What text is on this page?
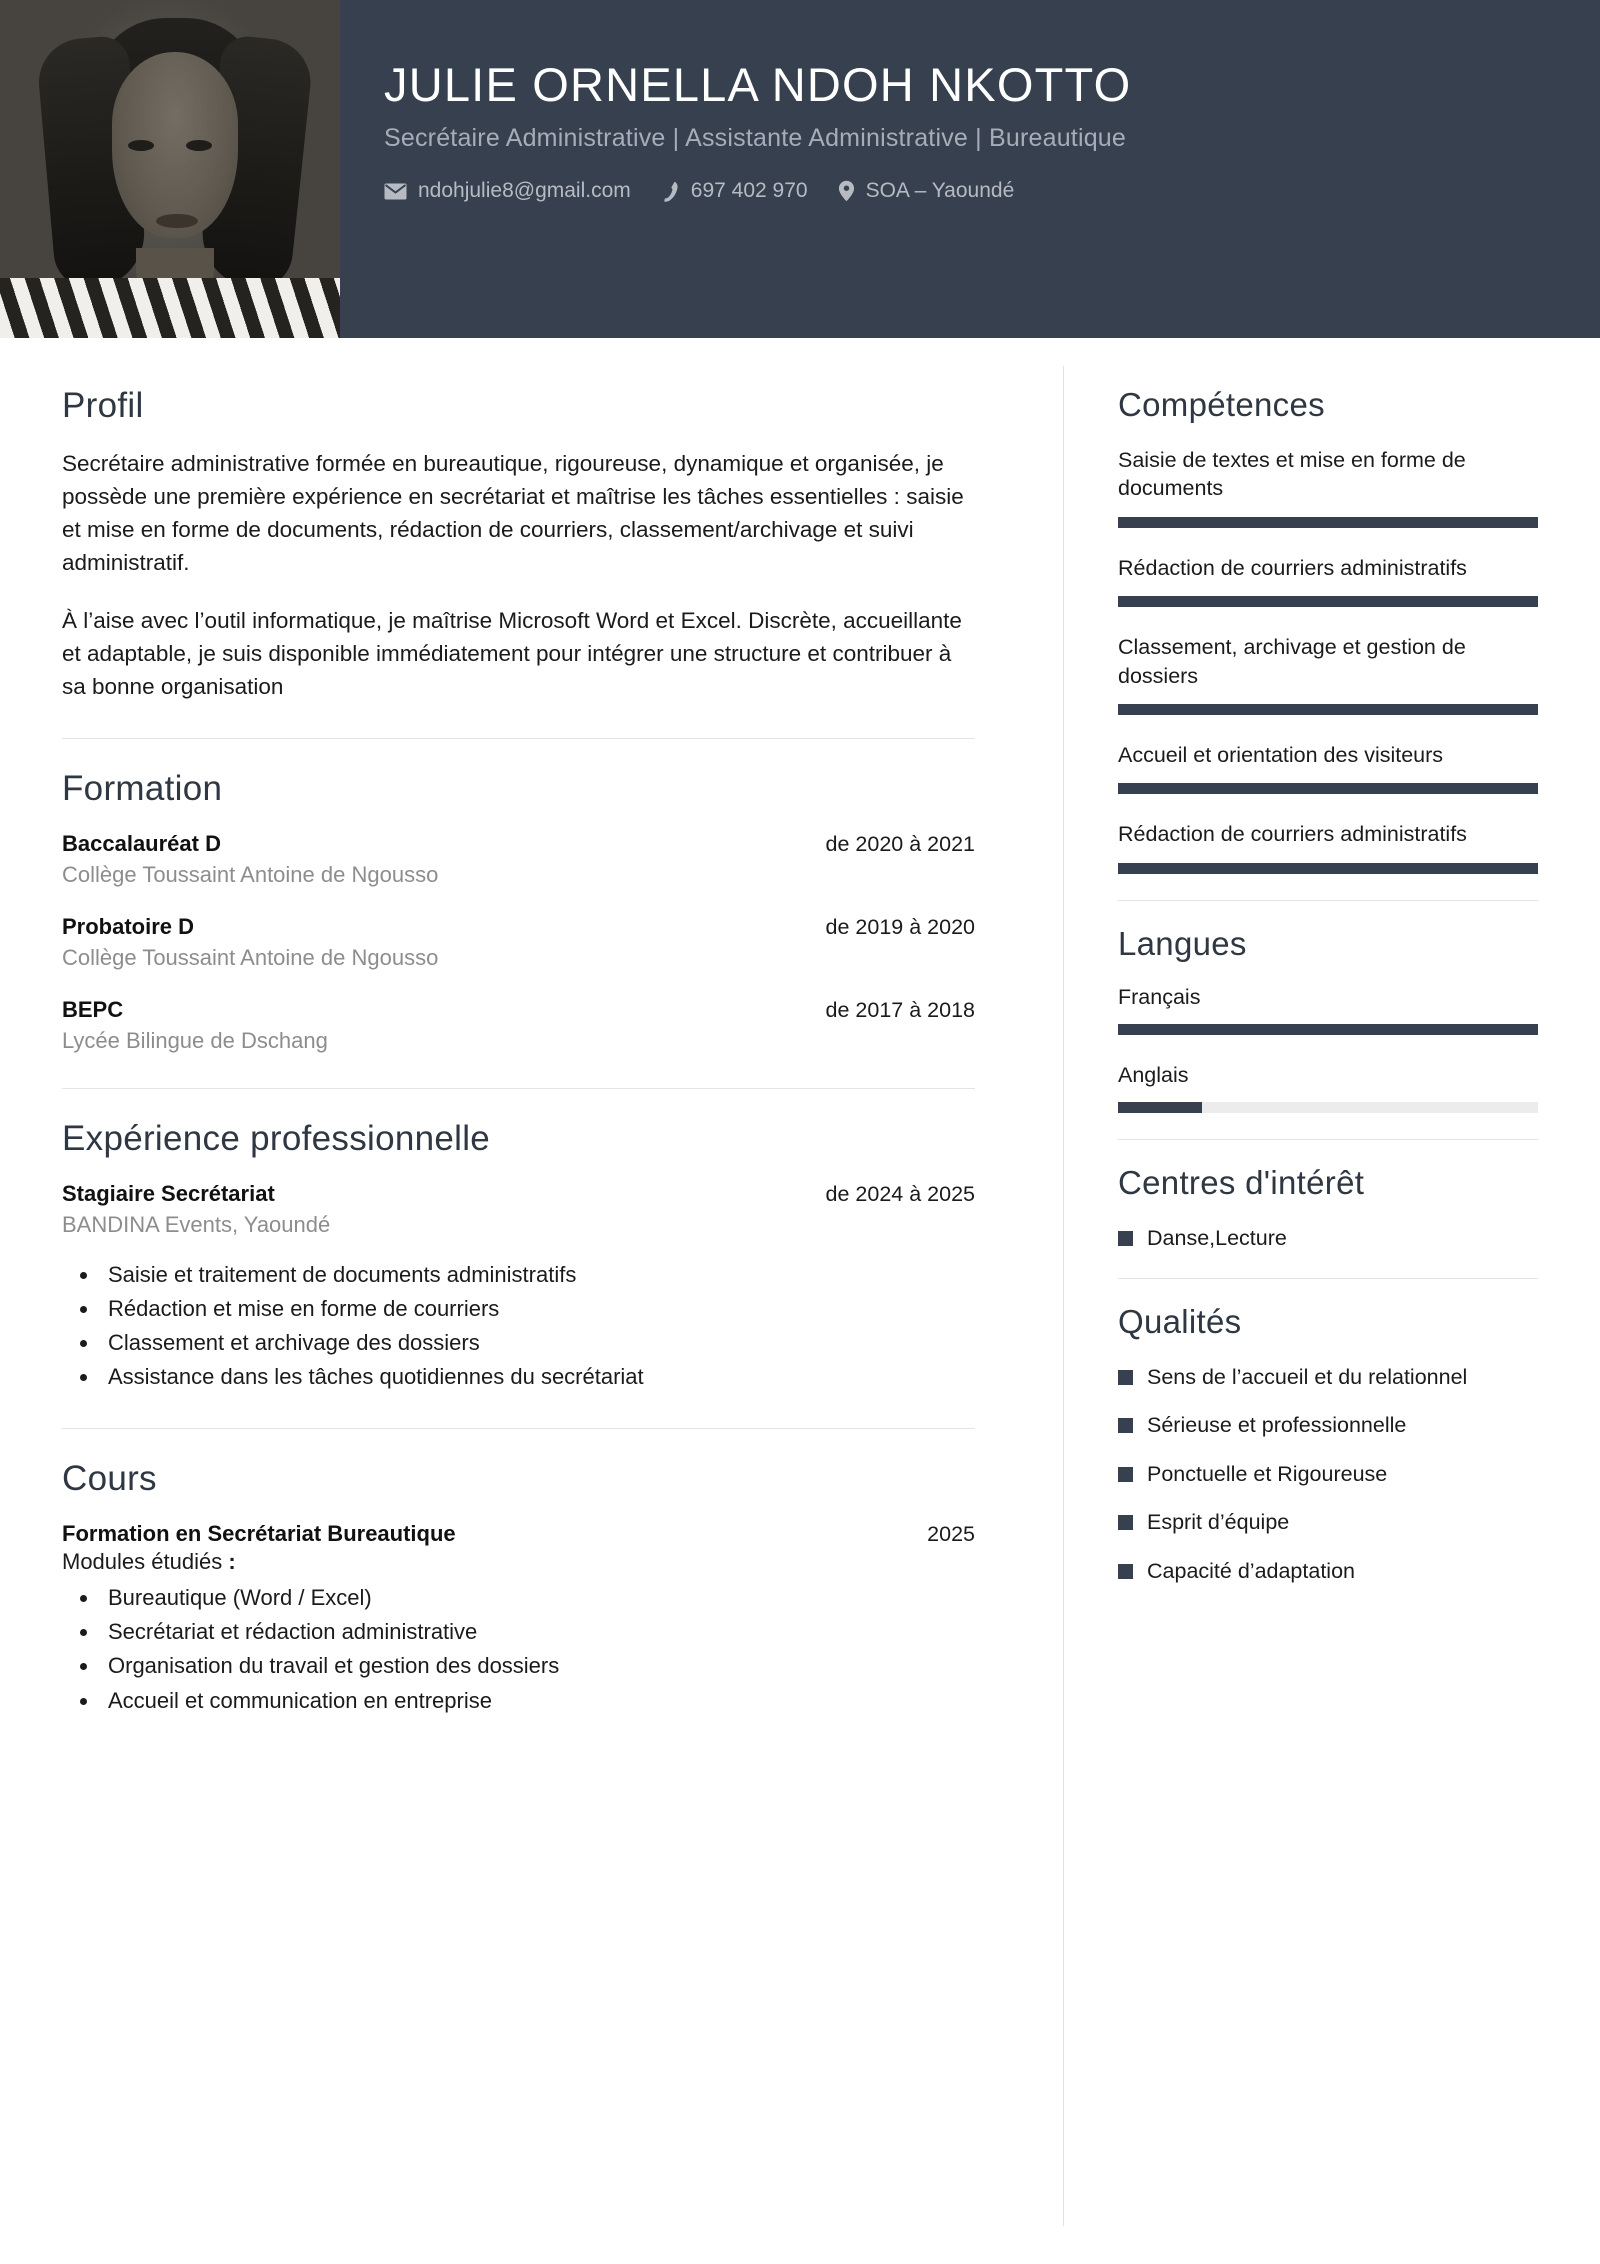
JULIE ORNELLA NDOH NKOTTO
Secrétaire Administrative | Assistante Administrative | Bureautique
ndohjulie8@gmail.com	697 402 970	SOA – Yaoundé
Profil

Secrétaire administrative formée en bureautique, rigoureuse, dynamique et organisée, je possède une première expérience en secrétariat et maîtrise les tâches essentielles : saisie et mise en forme de documents, rédaction de courriers, classement/archivage et suivi administratif.

À l’aise avec l’outil informatique, je maîtrise Microsoft Word et Excel. Discrète, accueillante et adaptable, je suis disponible immédiatement pour intégrer une structure et contribuer à sa bonne organisation

Formation
Baccalauréat D	de 2020 à 2021
Collège Toussaint Antoine de Ngousso
Probatoire D	de 2019 à 2020
Collège Toussaint Antoine de Ngousso
BEPC	de 2017 à 2018
Lycée Bilingue de Dschang
Expérience professionnelle
Stagiaire Secrétariat	de 2024 à 2025
BANDINA Events, Yaoundé
• Saisie et traitement de documents administratifs
• Rédaction et mise en forme de courriers
• Classement et archivage des dossiers
• Assistance dans les tâches quotidiennes du secrétariat
Cours
Formation en Secrétariat Bureautique	2025
Modules étudiés :
• Bureautique (Word / Excel)
• Secrétariat et rédaction administrative
• Organisation du travail et gestion des dossiers
• Accueil et communication en entreprise
Compétences
Saisie de textes et mise en forme de documents
Rédaction de courriers administratifs
Classement, archivage et gestion de dossiers
Accueil et orientation des visiteurs
Rédaction de courriers administratifs
Langues
Français
Anglais
Centres d'intérêt
Danse,Lecture
Qualités
Sens de l’accueil et du relationnel
Sérieuse et professionnelle
Ponctuelle et Rigoureuse
Esprit d’équipe
Capacité d’adaptation
